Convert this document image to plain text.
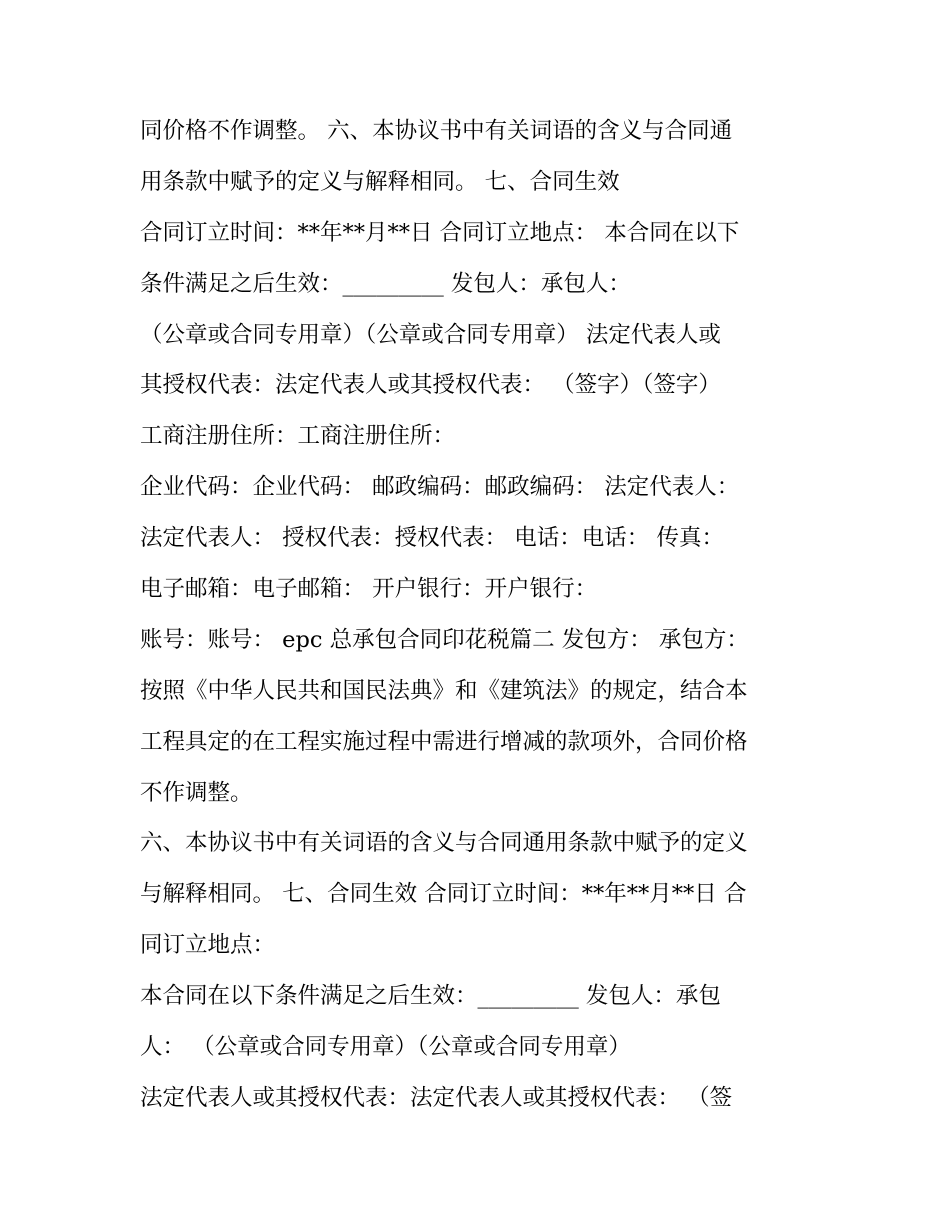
同价格不作调整。 六、本协议书中有关词语的含义与合同通
用条款中赋予的定义与解释相同。 七、合同生效
合同订立时间：**年**月**日 合同订立地点： 本合同在以下
条件满足之后生效：_________ 发包人：承包人：
（公章或合同专用章）（公章或合同专用章） 法定代表人或
其授权代表：法定代表人或其授权代表： （签字）（签字）
工商注册住所：工商注册住所：
企业代码：企业代码： 邮政编码：邮政编码： 法定代表人：
法定代表人： 授权代表：授权代表： 电话：电话： 传真：
电子邮箱：电子邮箱： 开户银行：开户银行：
账号：账号： epc 总承包合同印花税篇二 发包方： 承包方：
按照《中华人民共和国民法典》和《建筑法》的规定，结合本
工程具定的在工程实施过程中需进行增减的款项外，合同价格
不作调整。
六、本协议书中有关词语的含义与合同通用条款中赋予的定义
与解释相同。 七、合同生效 合同订立时间：**年**月**日 合
同订立地点：
本合同在以下条件满足之后生效：_________ 发包人：承包
人： （公章或合同专用章）（公章或合同专用章）
法定代表人或其授权代表：法定代表人或其授权代表： （签
